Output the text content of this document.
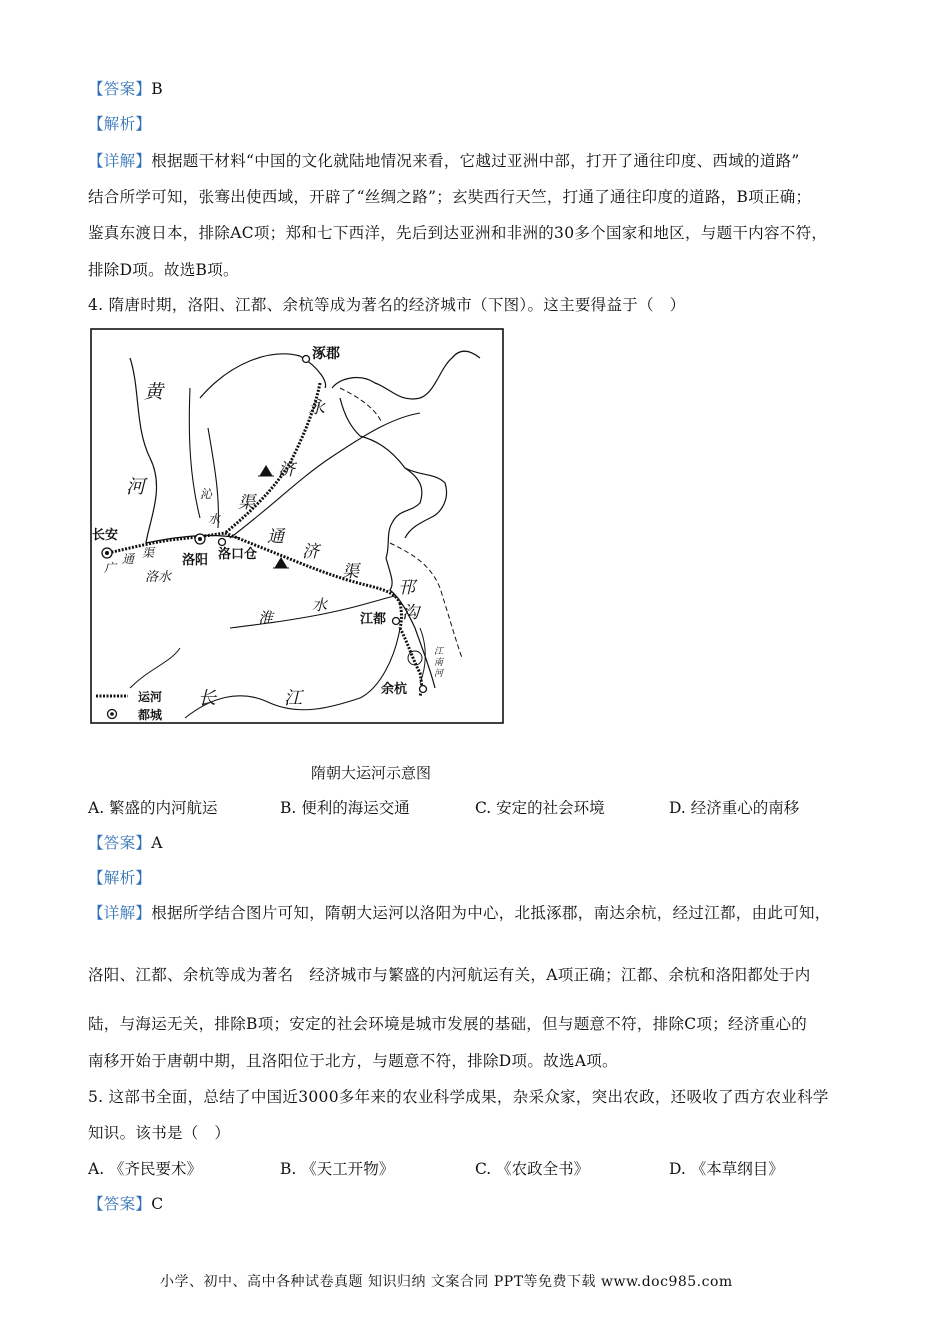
【答案】B
【解析】
【详解】根据题干材料“中国的文化就陆地情况来看，它越过亚洲中部，打开了通往印度、西域的道路”
结合所学可知，张骞出使西域，开辟了“丝绸之路”；玄奘西行天竺，打通了通往印度的道路，B项正确；
鉴真东渡日本，排除AC项；郑和七下西洋，先后到达亚洲和非洲的30多个国家和地区，与题干内容不符，
排除D项。故选B项。
4. 隋唐时期，洛阳、江都、余杭等成为著名的经济城市（下图）。这主要得益于（　）
涿郡
黄
河
永
济
渠
沁
水
通
济
渠
长安
广
通 渠 洛阳 洛口仓
洛水
淮
水
邗
沟
江都
江
南
河
余杭
长	江
运河
都城
隋朝大运河示意图
A. 繁盛的内河航运	B. 便利的海运交通	C. 安定的社会环境	D. 经济重心的南移
【答案】A
【解析】
【详解】根据所学结合图片可知，隋朝大运河以洛阳为中心，北抵涿郡，南达余杭，经过江都，由此可知，
洛阳、江都、余杭等成为著名　经济城市与繁盛的内河航运有关，A项正确；江都、余杭和洛阳都处于内
陆，与海运无关，排除B项；安定的社会环境是城市发展的基础，但与题意不符，排除C项；经济重心的
南移开始于唐朝中期，且洛阳位于北方，与题意不符，排除D项。故选A项。
5. 这部书全面，总结了中国近3000多年来的农业科学成果，杂采众家，突出农政，还吸收了西方农业科学
知识。该书是（　）
A. 《齐民要术》	B. 《天工开物》	C. 《农政全书》	D. 《本草纲目》
【答案】C
小学、初中、高中各种试卷真题 知识归纳 文案合同 PPT等免费下载 www.doc985.com
